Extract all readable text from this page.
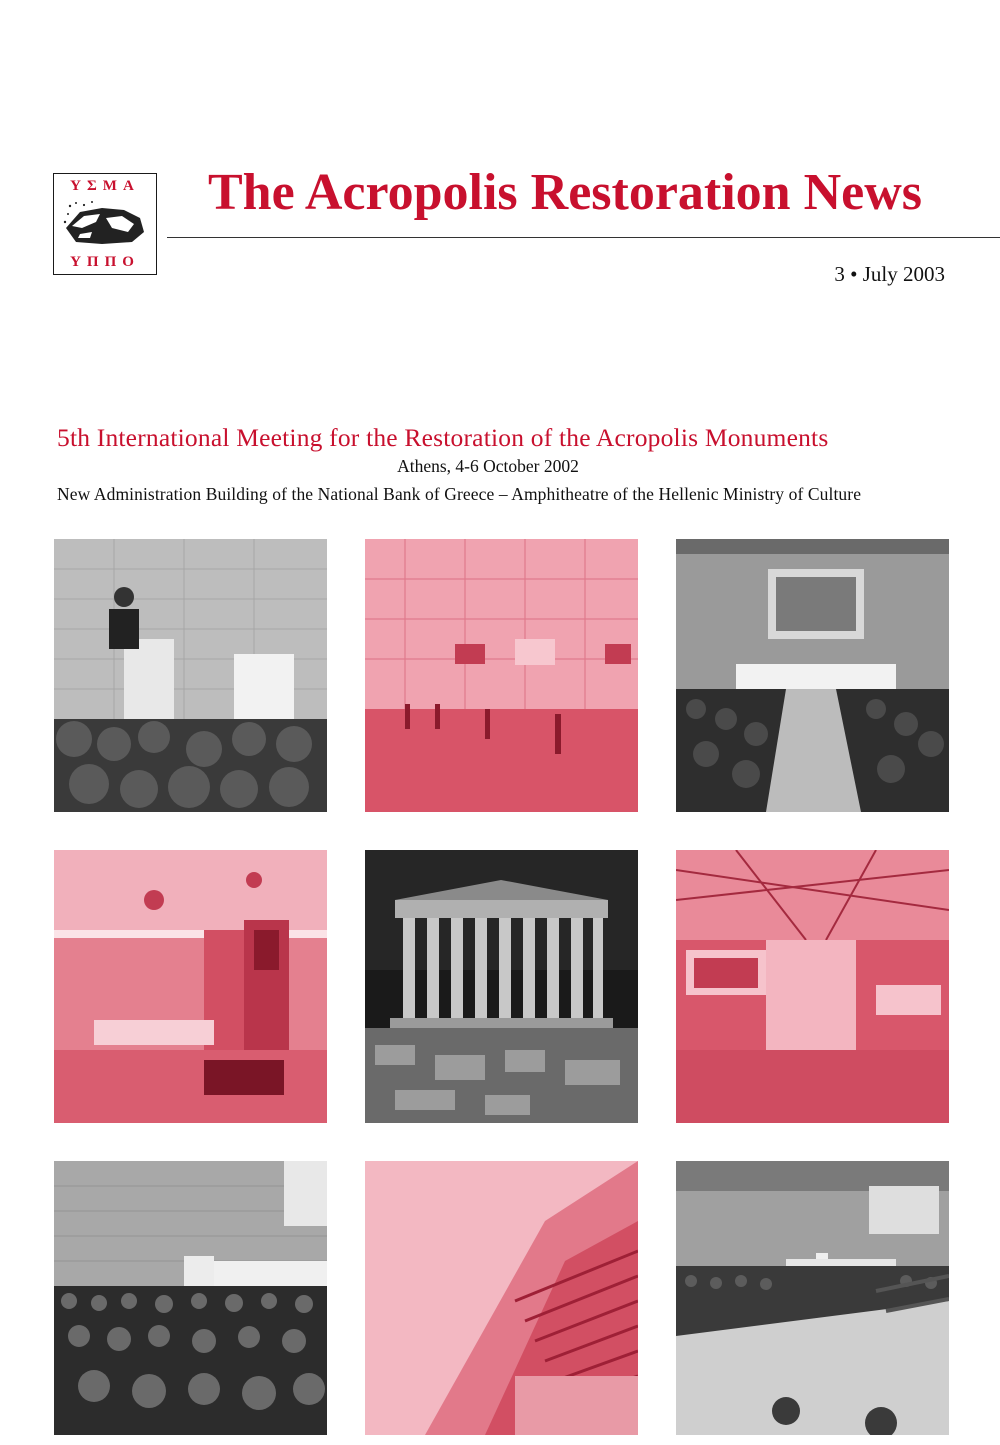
ΥΣΜΑ
ΥΠΠΟ
The Acropolis Restoration News
3 • July 2003
5th International Meeting for the Restoration of the Acropolis Monuments
Athens, 4-6 October 2002
New Administration Building of the National Bank of Greece – Amphitheatre of the Hellenic Ministry of Culture
